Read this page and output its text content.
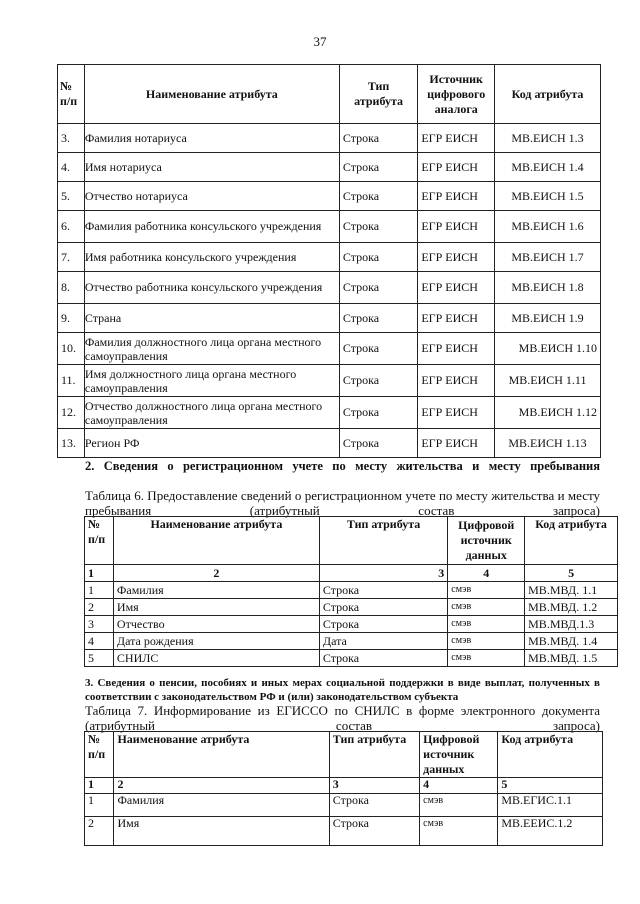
37
№ п/п	Наименование атрибута	Тип атрибута	Источник цифрового аналога	Код атрибута
3.	Фамилия нотариуса	Строка	ЕГР ЕИСН	МВ.ЕИСН 1.3
4.	Имя нотариуса	Строка	ЕГР ЕИСН	МВ.ЕИСН 1.4
5.	Отчество нотариуса	Строка	ЕГР ЕИСН	МВ.ЕИСН 1.5
6.	Фамилия работника консульского учреждения	Строка	ЕГР ЕИСН	МВ.ЕИСН 1.6
7.	Имя работника консульского учреждения	Строка	ЕГР ЕИСН	МВ.ЕИСН 1.7
8.	Отчество работника консульского учреждения	Строка	ЕГР ЕИСН	МВ.ЕИСН 1.8
9.	Страна	Строка	ЕГР ЕИСН	МВ.ЕИСН 1.9
10.	Фамилия должностного лица органа местного самоуправления	Строка	ЕГР ЕИСН	МВ.ЕИСН 1.10
11.	Имя должностного лица органа местного самоуправления	Строка	ЕГР ЕИСН	МВ.ЕИСН 1.11
12.	Отчество должностного лица органа местного самоуправления	Строка	ЕГР ЕИСН	МВ.ЕИСН 1.12
13.	Регион РФ	Строка	ЕГР ЕИСН	МВ.ЕИСН 1.13
2. Сведения о регистрационном учете по месту жительства и месту пребывания
Таблица 6. Предоставление сведений о регистрационном учете по месту жительства и месту пребывания (атрибутный состав запроса)
№ п/п	Наименование атрибута	Тип атрибута	Цифровой источник данных	Код атрибута
1	2	3	4	5
1	Фамилия	Строка	смэв	МВ.МВД. 1.1
2	Имя	Строка	смэв	МВ.МВД. 1.2
3	Отчество	Строка	смэв	МВ.МВД.1.3
4	Дата рождения	Дата	смэв	МВ.МВД. 1.4
5	СНИЛС	Строка	смэв	МВ.МВД. 1.5
3. Сведения о пенсии, пособиях и иных мерах социальной поддержки в виде выплат, полученных в соответствии с законодательством РФ и (или) законодательством субъекта
Таблица 7. Информирование из ЕГИССО по СНИЛС в форме электронного документа (атрибутный состав запроса)
№ п/п	Наименование атрибута	Тип атрибута	Цифровой источник данных	Код атрибута
1	2	3	4	5
1	Фамилия	Строка	смэв	МВ.ЕГИС.1.1
2	Имя	Строка	смэв	МВ.ЕЕИС.1.2
